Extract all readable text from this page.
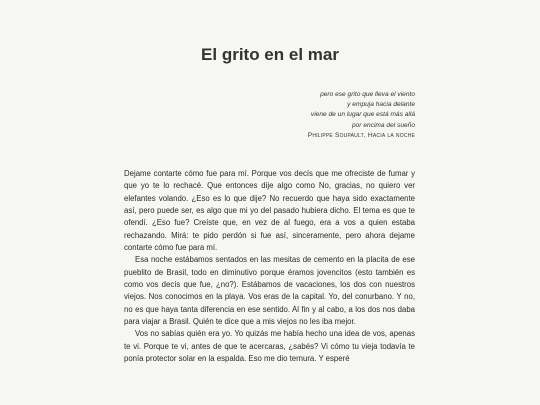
El grito en el mar
pero ese grito que lleva el viento
y empuja hacia delante
viene de un lugar que está más allá
por encima del sueño
Philippe Soupault, Hacia la noche

Dejame contarte cómo fue para mí. Porque vos decís que me ofreciste de fumar y que yo te lo rechacé. Que entonces dije algo como No, gracias, no quiero ver elefantes volando. ¿Eso es lo que dije? No recuerdo que haya sido exactamente así, pero puede ser, es algo que mi yo del pasado hubiera dicho. El tema es que te ofendí. ¿Eso fue? Creíste que, en vez de al fuego, era a vos a quien estaba rechazando. Mirá: te pido perdón si fue así, sinceramente, pero ahora dejame contarte cómo fue para mí.

Esa noche estábamos sentados en las mesitas de cemento en la placita de ese pueblito de Brasil, todo en diminutivo porque éramos jovencitos (esto también es como vos decís que fue, ¿no?). Estábamos de vacaciones, los dos con nuestros viejos. Nos conocimos en la playa. Vos eras de la capital. Yo, del conurbano. Y no, no es que haya tanta diferencia en ese sentido. Al fin y al cabo, a los dos nos daba para viajar a Brasil. Quién te dice que a mis viejos no les iba mejor.

Vos no sabías quién era yo. Yo quizás me había hecho una idea de vos, apenas te vi. Porque te vi, antes de que te acercaras, ¿sabés? Vi cómo tu vieja todavía te ponía protector solar en la espalda. Eso me dio ternura. Y esperé
